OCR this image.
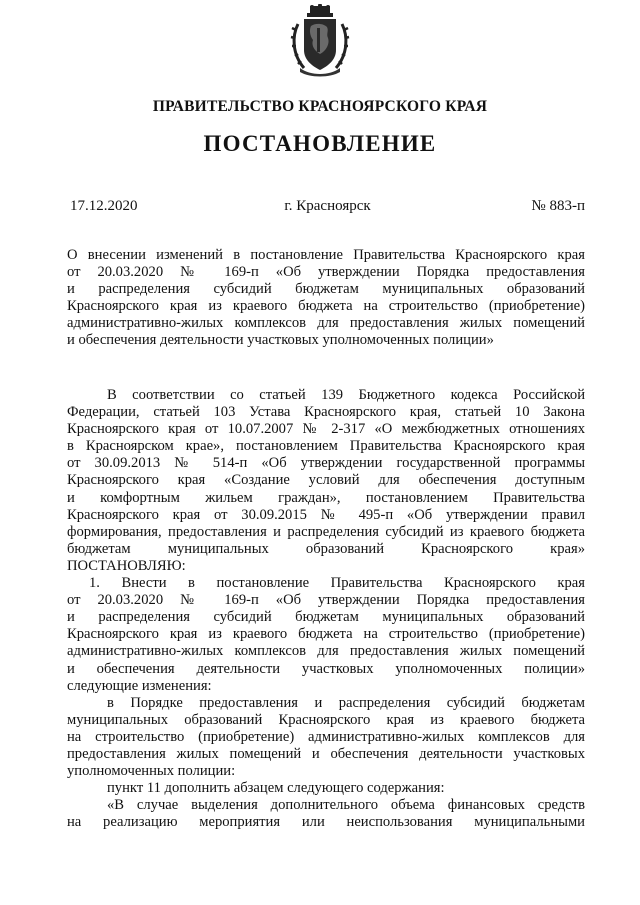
ПРАВИТЕЛЬСТВО КРАСНОЯРСКОГО КРАЯ
ПОСТАНОВЛЕНИЕ
17.12.2020	г. Красноярск	№ 883-п
О внесении изменений в постановление Правительства Красноярского края
от 20.03.2020 № 169-п «Об утверждении Порядка предоставления
и распределения субсидий бюджетам муниципальных образований
Красноярского края из краевого бюджета на строительство (приобретение)
административно-жилых комплексов для предоставления жилых помещений
и обеспечения деятельности участковых уполномоченных полиции»
В соответствии со статьей 139 Бюджетного кодекса Российской
Федерации, статьей 103 Устава Красноярского края, статьей 10 Закона
Красноярского края от 10.07.2007 № 2-317 «О межбюджетных отношениях
в Красноярском крае», постановлением Правительства Красноярского края
от 30.09.2013 № 514-п «Об утверждении государственной программы
Красноярского края «Создание условий для обеспечения доступным
и комфортным жильем граждан», постановлением Правительства
Красноярского края от 30.09.2015 № 495-п «Об утверждении правил
формирования, предоставления и распределения субсидий из краевого бюджета
бюджетам муниципальных образований Красноярского края»
ПОСТАНОВЛЯЮ:
1. Внести в постановление Правительства Красноярского края
от 20.03.2020 № 169-п «Об утверждении Порядка предоставления
и распределения субсидий бюджетам муниципальных образований
Красноярского края из краевого бюджета на строительство (приобретение)
административно-жилых комплексов для предоставления жилых помещений
и обеспечения деятельности участковых уполномоченных полиции»
следующие изменения:
в Порядке предоставления и распределения субсидий бюджетам
муниципальных образований Красноярского края из краевого бюджета
на строительство (приобретение) административно-жилых комплексов для
предоставления жилых помещений и обеспечения деятельности участковых
уполномоченных полиции:
пункт 11 дополнить абзацем следующего содержания:
«В случае выделения дополнительного объема финансовых средств
на реализацию мероприятия или неиспользования муниципальными
